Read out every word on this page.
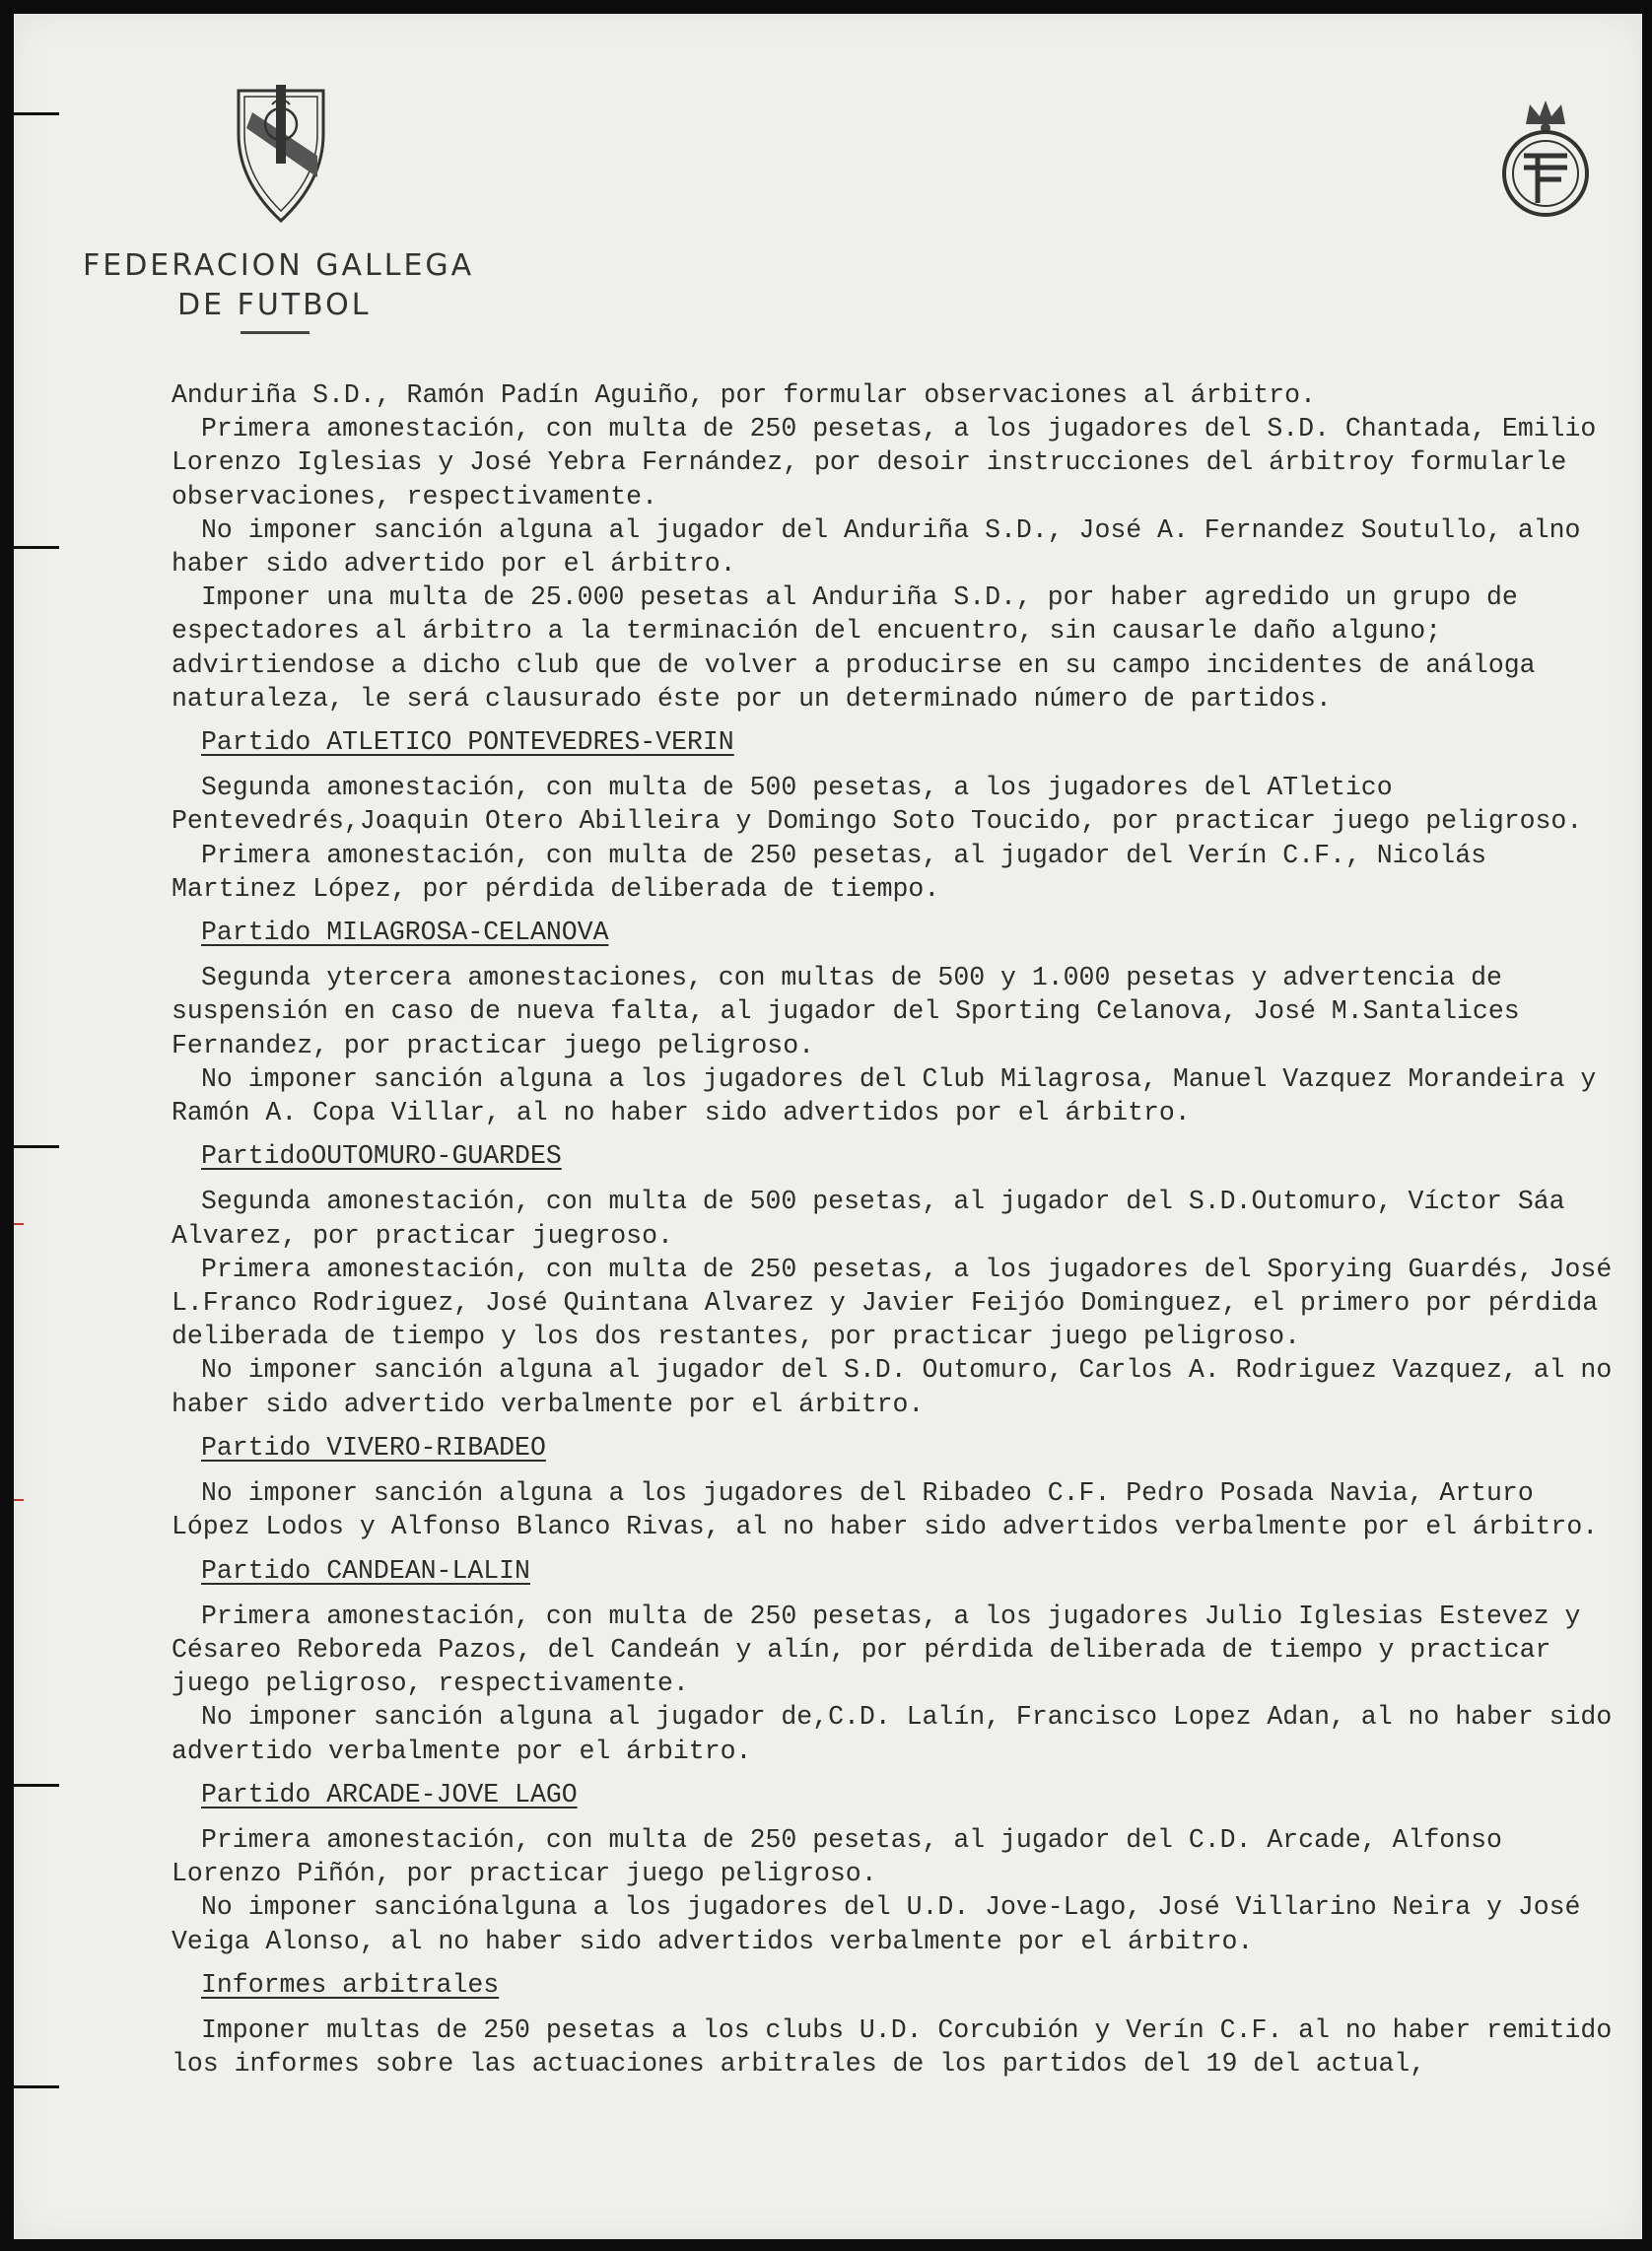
FEDERACION GALLEGA
DE FUTBOL

Anduriña S.D., Ramón Padín Aguiño, por formular observaciones al árbitro.

Primera amonestación, con multa de 250 pesetas, a los jugadores del S.D. Chantada, Emilio Lorenzo Iglesias y José Yebra Fernández, por desoir instrucciones del árbitroy formularle observaciones, respectivamente.

No imponer sanción alguna al jugador del Anduriña S.D., José A. Fernandez Soutullo, alno haber sido advertido por el árbitro.

Imponer una multa de 25.000 pesetas al Anduriña S.D., por haber agredido un grupo de espectadores al árbitro a la terminación del encuentro, sin causarle daño alguno; advirtiendose a dicho club que de volver a producirse en su campo incidentes de análoga naturaleza, le será clausurado éste por un determinado número de partidos.

Partido ATLETICO PONTEVEDRES-VERIN

Segunda amonestación, con multa de 500 pesetas, a los jugadores del ATletico Pentevedrés,Joaquin Otero Abilleira y Domingo Soto Toucido, por practicar juego peligroso.

Primera amonestación, con multa de 250 pesetas, al jugador del Verín C.F., Nicolás Martinez López, por pérdida deliberada de tiempo.

Partido MILAGROSA-CELANOVA

Segunda ytercera amonestaciones, con multas de 500 y 1.000 pesetas y advertencia de suspensión en caso de nueva falta, al jugador del Sporting Celanova, José M.Santalices Fernandez, por practicar juego peligroso.

No imponer sanción alguna a los jugadores del Club Milagrosa, Manuel Vazquez Morandeira y Ramón A. Copa Villar, al no haber sido advertidos por el árbitro.

PartidoOUTOMURO-GUARDES

Segunda amonestación, con multa de 500 pesetas, al jugador del S.D.Outomuro, Víctor Sáa Alvarez, por practicar juegroso.

Primera amonestación, con multa de 250 pesetas, a los jugadores del Sporying Guardés, José L.Franco Rodriguez, José Quintana Alvarez y Javier Feijóo Dominguez, el primero por pérdida deliberada de tiempo y los dos restantes, por practicar juego peligroso.

No imponer sanción alguna al jugador del S.D. Outomuro, Carlos A. Rodriguez Vazquez, al no haber sido advertido verbalmente por el árbitro.

Partido VIVERO-RIBADEO

No imponer sanción alguna a los jugadores del Ribadeo C.F. Pedro Posada Navia, Arturo López Lodos y Alfonso Blanco Rivas, al no haber sido advertidos verbalmente por el árbitro.

Partido CANDEAN-LALIN

Primera amonestación, con multa de 250 pesetas, a los jugadores Julio Iglesias Estevez y Césareo Reboreda Pazos, del Candeán y alín, por pérdida deliberada de tiempo y practicar juego peligroso, respectivamente.

No imponer sanción alguna al jugador de,C.D. Lalín, Francisco Lopez Adan, al no haber sido advertido verbalmente por el árbitro.

Partido ARCADE-JOVE LAGO

Primera amonestación, con multa de 250 pesetas, al jugador del C.D. Arcade, Alfonso Lorenzo Piñón, por practicar juego peligroso.

No imponer sanciónalguna a los jugadores del U.D. Jove-Lago, José Villarino Neira y José Veiga Alonso, al no haber sido advertidos verbalmente por el árbitro.

Informes arbitrales

Imponer multas de 250 pesetas a los clubs U.D. Corcubión y Verín C.F. al no haber remitido los informes sobre las actuaciones arbitrales de los partidos del 19 del actual,
